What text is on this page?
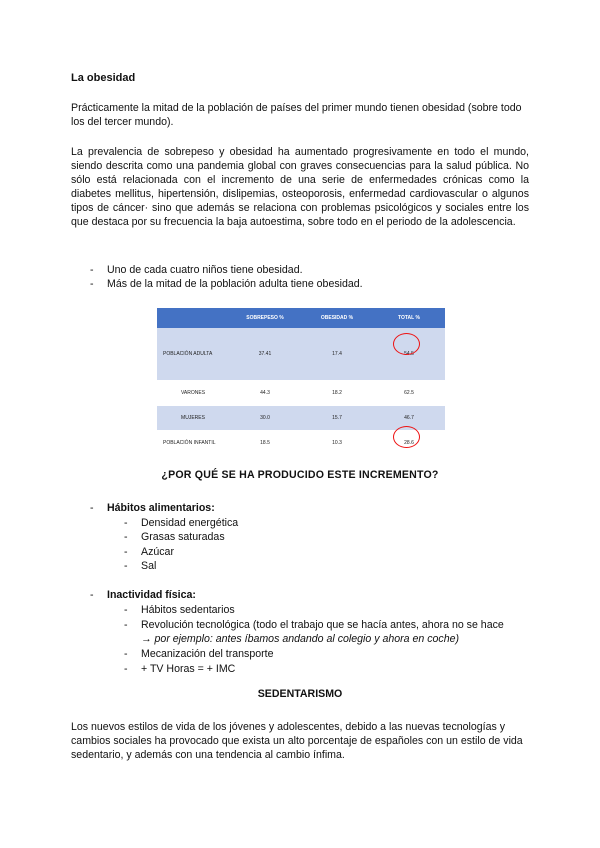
La obesidad
Prácticamente la mitad de la población de países del primer mundo tienen obesidad (sobre todo los del tercer mundo).
La prevalencia de sobrepeso y obesidad ha aumentado progresivamente en todo el mundo, siendo descrita como una pandemia global con graves consecuencias para la salud pública. No sólo está relacionada con el incremento de una serie de enfermedades crónicas como la diabetes mellitus, hipertensión, dislipemias, osteoporosis, enfermedad cardiovascular o algunos tipos de cáncer· sino que además se relaciona con problemas psicológicos y sociales entre los que destaca por su frecuencia la baja autoestima, sobre todo en el periodo de la adolescencia.
- Uno de cada cuatro niños tiene obesidad.
- Más de la mitad de la población adulta tiene obesidad.
	SOBREPESO %	OBESIDAD %	TOTAL %
POBLACIÓN ADULTA	37.41	17.4	54.5
VARONES	44.3	18.2	62.5
MUJERES	30.0	15.7	46.7
POBLACIÓN INFANTIL	18.5	10.3	28.6
¿POR QUÉ SE HA PRODUCIDO ESTE INCREMENTO?
- Hábitos alimentarios:
- Densidad energética
- Grasas saturadas
- Azúcar
- Sal
- Inactividad física:
- Hábitos sedentarios
- Revolución tecnológica (todo el trabajo que se hacía antes, ahora no se hace
→ por ejemplo: antes íbamos andando al colegio y ahora en coche)
- Mecanización del transporte
- + TV Horas = + IMC
SEDENTARISMO
Los nuevos estilos de vida de los jóvenes y adolescentes, debido a las nuevas tecnologías y cambios sociales ha provocado que exista un alto porcentaje de españoles con un estilo de vida sedentario, y además con una tendencia al cambio ínfima.
